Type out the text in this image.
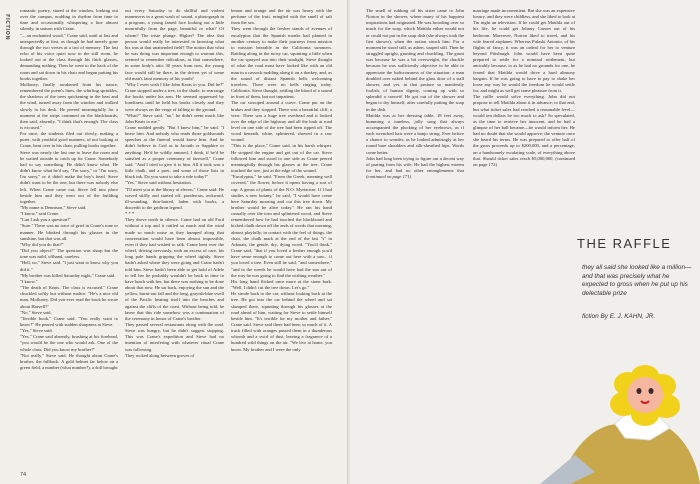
FICTION
romantic poetry, stared at the window, looking out over the campus, nodding in rhythm from time to time and occasionally whispering a line almost silently, in unison with Crane.
"... an enchanted wood," Crane said, until at last and unexpectedly at first, as though he had merely gone through the two verses at a trot of memory. The last echo of his voice quiet now in the still room, he looked out at the class through his thick glasses, demanding nothing. Then he went to the back of the room and sat down in his chair and began putting his books together.
Molloney, finally awakened from his trance, remembered the poem's lines, the whirling sprinkles, the shadows of the trees quickening in the heat and the wind, turned away from the window and walked slowly to his desk. He peered meaningfully for a moment at the strips crammed on the blackboards, then said, absently, "I think that's enough. The class is excused."
For once, the students filed out slowly, making a purer, with youthful good manners, of not looking at Crane, bent over in his chair, pulling books together.
Steve was nearly the last one to leave the room and he waited outside to catch up for Crane. Somebody had to say something. He didn't know what. He didn't know what he'd say, "I'm sorry," or "I'm sorry, I'm sorry," or it didn't make the boy's head. Steve didn't want to be the one, but there was nobody else left. When Crane came out, Steve fell into place beside him and they went out of the building together.
"My name is Dennison," Steve said.
"I know," said Crane.
"Can I ask you a question?"
"Sure." There was no trace of grief in Crane's tone or manner. He blinked through his glasses in the sunshine, but that was all.
"Why did you do that?"
"Did you object?" The question was sharp but the tone was mild, offhand, careless.
"Hell, no," Steve said. "I just want to know why you did it."
"My brother was killed Saturday night," Crane said.
"I know."
"The death of Keats. The class is excused." Crane chuckled softly but without malice. "He's a nice old man, Molloney. Did you ever read the book he wrote about Harvell?"
"No," Steve said.
"Terrible book," Crane said. "You really want to know?" He peered with sudden sharpness at Steve.
"Yes," Steve said.
"Yes," Crane said absently, brushing at his forehead, "you would be the one who would ask. One of the whole class. Did you know my brother?"
"Not really," Steve said. He thought about Crane's brother, the fullback. A gold helmet far below on a green field, a number (what number?), a doll brought
out every Saturday to do skillful and violent maneuvers in a great wash of sound, a photograph in a program, a young famed face looking out a little mournfully from the page, beautiful or what? Of whom? The triste plunge. Higher? The idea that person would really be interested in knowing what his was at that unattended field? The notion that what he was doing was important enough to warrant this, seemed to remember ridiculous, as that somewhere, in some body's attic 30 years from now, the young face would still be there, in the driven yet of some old man's faint memory of his youth?
"Why I even wish I like John Keats to you. Did he?" Crane stopped under a tree, in the shade, to rearrange the books under his arm. He seemed oppressed by loneliness until he held his books closely and they were always on the verge of falling to the ground.
"What?" Steve said, "no," he didn't seem much like John Keats to me."
Crane nodded gently. "But I knew him," he said. "I knew him. And nobody who reads those goldsounds speeches at the funeral would know him. And he didn't believe in God as in Jacinth or Sapphire or anything. He'd be wildly amused, I think, if he'd be satisfied as a proper ceremony of farewell," Crane said. "And I tried to give it to him. All it took was a little chalk, and a poet, and some of those lists in black ink. Do you want to take a ride today?"
"Yes," Steve said without hesitation.
"I'll meet you at the library at eleven," Crane said. He waved stiffly and started off, ponderous, awkward, ill-sounding, thin-haired, laden with books, a discredit to the gridiron legend.
* * *
They drove north in silence. Crane had an old Ford without a top and it rattled so much and the wind made so much noise as they bumped along that conversation would have been almost impossible, even if they had wished to talk. Crane bent over the wheel, driving nervously, with an excess of care, his long pale hands gripping the wheel tightly. Steve hadn't asked where they were going and Crane hadn't told him. Steve hadn't been able to get hold of Adele to tell her he probably wouldn't be back in time to have lunch with her, but there was nothing to be done about that now. He sat back, enjoying the sun and the yellow, burnt-out fall and the long, grayish-blue swell of the Pacific heating itself into the beaches and against the cliffs of the coast. Without being told, he knew that this ride somehow was a continuation of the ceremony in honor of Crane's brother.
They passed several restaurants along with the road. Steve was hungry, but he didn't suggest stopping. This was Crane's expedition and Steve had no intention of interfering with whatever ritual Crane was following.
They rocked along between groves of
lemon and orange and the air was heavy with the perfume of the fruit, mingled with the smell of salt from the sea.
They went through the fresher stands of avenues of eucalyptus that the Spanish monks had planted in another century to make their journeys from mission to mission bearable in the California summers. Rattling along in the noisy car, squinting a little when the car sprayed sun into their sunlight, Steve thought of what the road must have looked like with an old man in a cassock nodding along it on a donkey, and, as the sound of distant Spanish bells welcoming travelers. There were no bells ringing today. California. Steve thought, settling the blood of a sound in front of them, but not impatient.
The car swooped around a curve. Crane put on the brakes and they stopped. There was a beautiful cliff, a view. There was a huge tree overhead and it looked over the edge of the highway and all the bark at road level on one side of the tree had been ripped off. The wood beneath, white, splintered, showed in a raw wound.
"This is the place," Crane said, in his harsh whisper. He stopped the engine and got out of the car. Steve followed him and stood to one side as Crane peered meaningfully through his glasses at the tree. Crane touched the tree, just at the edge of the wound.
"Eucalyptus," he said. "From the Greek, meaning well covered," the flower, before it opens having a sort of cap. A genus of plants of the N.O. Myrtaceae. If I had studies a new botany," he said, "I would have come here Saturday morning and cut this tree down. My brother would be alive today." He ran his hand casually over the torn and splintered wood, and Steve remembered how he had touched the blackboard and kicked chalk down off the ends of words that morning, almost playfully, in contact with the feel of things, the chair, the chalk mark at the end of the last "s" in Adonais, the gentle, dry, dying wood. "You'd think," Crane said, "that if you loved a fresher enough you'd have sense enough to come out here with a saw... if you loved a tree. Even still he said, "and somewhere," "and in the weeds he would have had the sun out of the way he was going to find the wishing weather."
His long hand flicked once more at the stone bark. "Well, I didn't cut the tree down. Let's go."
He strode back to the car, without looking back at the tree. He got into the car behind the wheel and sat slumped there, squinting through his glasses at the road ahead of him, waiting for Steve to settle himself beside him. "It's terrible for my mother and father," Crane said. Steve said there had been so much of it. A truck filled with oranges passed them in a thunderous whoosh and a swirl of dust, leaving a fragrance of a hundred wild things on the air. "We live at home, you know. My brother and I were the only
74
The smell of rubbing oil his sister came to John Norton in the shower, where many of his happiest inspirations had originated. He was brooding over so much for the soap, which Matilda either would not or could not put in the soap dish (she always took the first shower), when the notion struck him. For a moment he stood still, as ashen, soaped still. Then he struggled upright, grunting and chuckling. The grunt was because he was a bit overweight, the chuckle because he was sufficiently objective to be able to appreciate the ludicrousness of the situation: a man doubled over naked behind the glass door of a stall shower, and yet, in that posture so manifestly foolish, of human dignity, coming up with so splendid a conceit! He got out of the shower and began to dry himself, after carefully putting the soap in the dish.
Matilda was at her dressing table, 18 feet away, humming a tuneless, jolly song that always accompanied the plucking of her eyebrows, as if each wrenched hair were a banjo string. Ever before a chance to wonder, as he looked admiringly at her round bare shoulders and silk-sheathed hips. Words come better.
John had long been trying to figure out a decent way of parting from his wife. He had the highest esteem for her, and had no other entanglements that (continued on page 171)
marriage made inconvenient. But she was an expensive luxury, and they were childless, and she liked to look at Tin night an television. If he could get Matilda out of his life, he could get Johnny Carson out of his bedroom. Moreover, Norton liked to travel, and his wife feared airplanes. Whereas Pulaski Antonio, of his flights of fancy, it was an ordeal for her to venture beyond Pittsburgh. John would have been quite prepared to settle for a nominal settlement, but amicably because, to as he had no grounds for one, he feared that Matilda would drive a hard alimony bargain. If he was going to have to pay to shake her loose any way he would the freedom he would settle for, and might as well get some pleasure from it.
The raffle would solve everything. John did not propose to tell Matilda about it in advance; to that end, but what ticket sales had reached a reasonable level—would ten dollars be too much to ask? So speculated, as the time to retrieve her innocent, and he had a glimpse of her ball became—he would inform her. He had no doubt that she would approve; the venture once she heard his terms. He was prepared to offer half of the gross proceeds up to $200,000, and a percentage, on a handsomely escalating scale, of everything above that. Should ticket sales reach $5,000,000, (continued on page 172)
THE RAFFLE
they all said she looked like a million—and that was precisely what he expected to gross when he put up his delectable prize
fiction By E. J. KAHN, JR.
